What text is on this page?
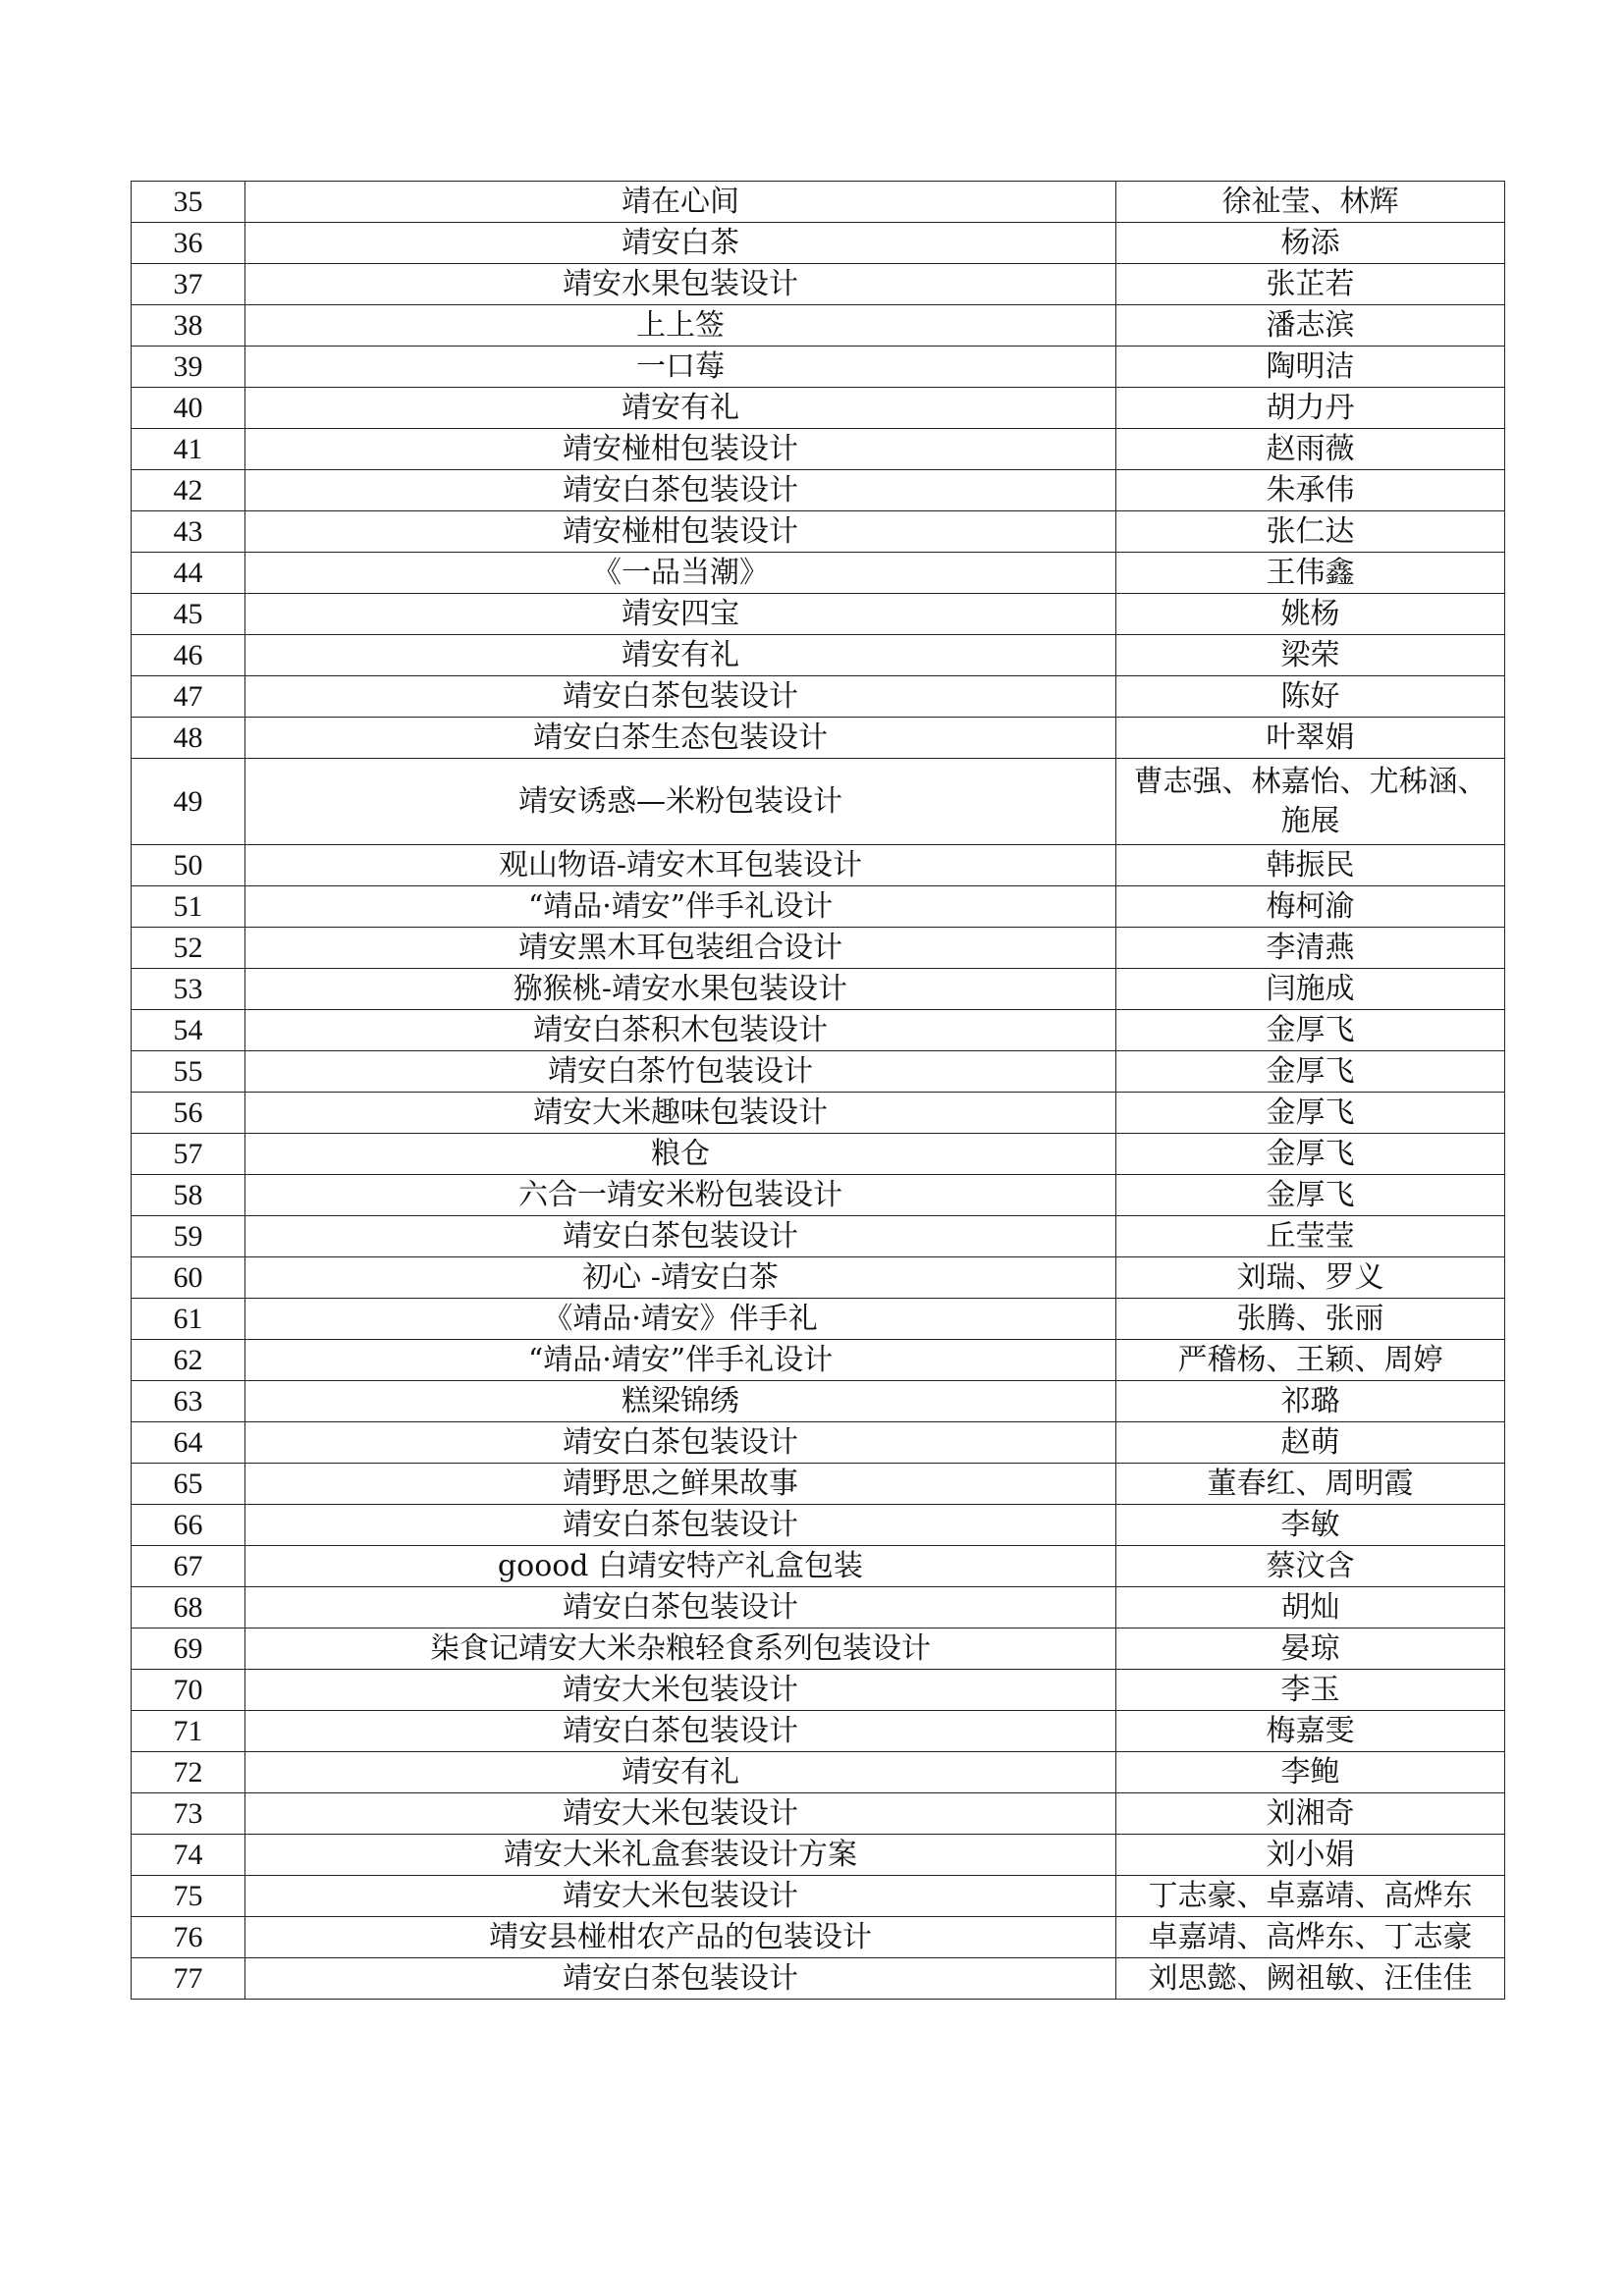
35	靖在心间	徐祉莹、林辉
36	靖安白茶	杨添
37	靖安水果包装设计	张芷若
38	上上签	潘志滨
39	一口莓	陶明洁
40	靖安有礼	胡力丹
41	靖安椪柑包装设计	赵雨薇
42	靖安白茶包装设计	朱承伟
43	靖安椪柑包装设计	张仁达
44	《一品当潮》	王伟鑫
45	靖安四宝	姚杨
46	靖安有礼	梁荣
47	靖安白茶包装设计	陈好
48	靖安白茶生态包装设计	叶翠娟
49	靖安诱惑—米粉包装设计	曹志强、林嘉怡、尤秭涵、施展
50	观山物语-靖安木耳包装设计	韩振民
51	“靖品·靖安”伴手礼设计	梅柯渝
52	靖安黑木耳包装组合设计	李清燕
53	猕猴桃-靖安水果包装设计	闫施成
54	靖安白茶积木包装设计	金厚飞
55	靖安白茶竹包装设计	金厚飞
56	靖安大米趣味包装设计	金厚飞
57	粮仓	金厚飞
58	六合一靖安米粉包装设计	金厚飞
59	靖安白茶包装设计	丘莹莹
60	初心 -靖安白茶	刘瑞、罗义
61	《靖品·靖安》伴手礼	张腾、张丽
62	“靖品·靖安”伴手礼设计	严稽杨、王颖、周婷
63	糕梁锦绣	祁璐
64	靖安白茶包装设计	赵萌
65	靖野思之鲜果故事	董春红、周明霞
66	靖安白茶包装设计	李敏
67	goood 白靖安特产礼盒包装	蔡汶含
68	靖安白茶包装设计	胡灿
69	柒食记靖安大米杂粮轻食系列包装设计	晏琼
70	靖安大米包装设计	李玉
71	靖安白茶包装设计	梅嘉雯
72	靖安有礼	李鲍
73	靖安大米包装设计	刘湘奇
74	靖安大米礼盒套装设计方案	刘小娟
75	靖安大米包装设计	丁志豪、卓嘉靖、高烨东
76	靖安县椪柑农产品的包装设计	卓嘉靖、高烨东、丁志豪
77	靖安白茶包装设计	刘思懿、阙祖敏、汪佳佳
